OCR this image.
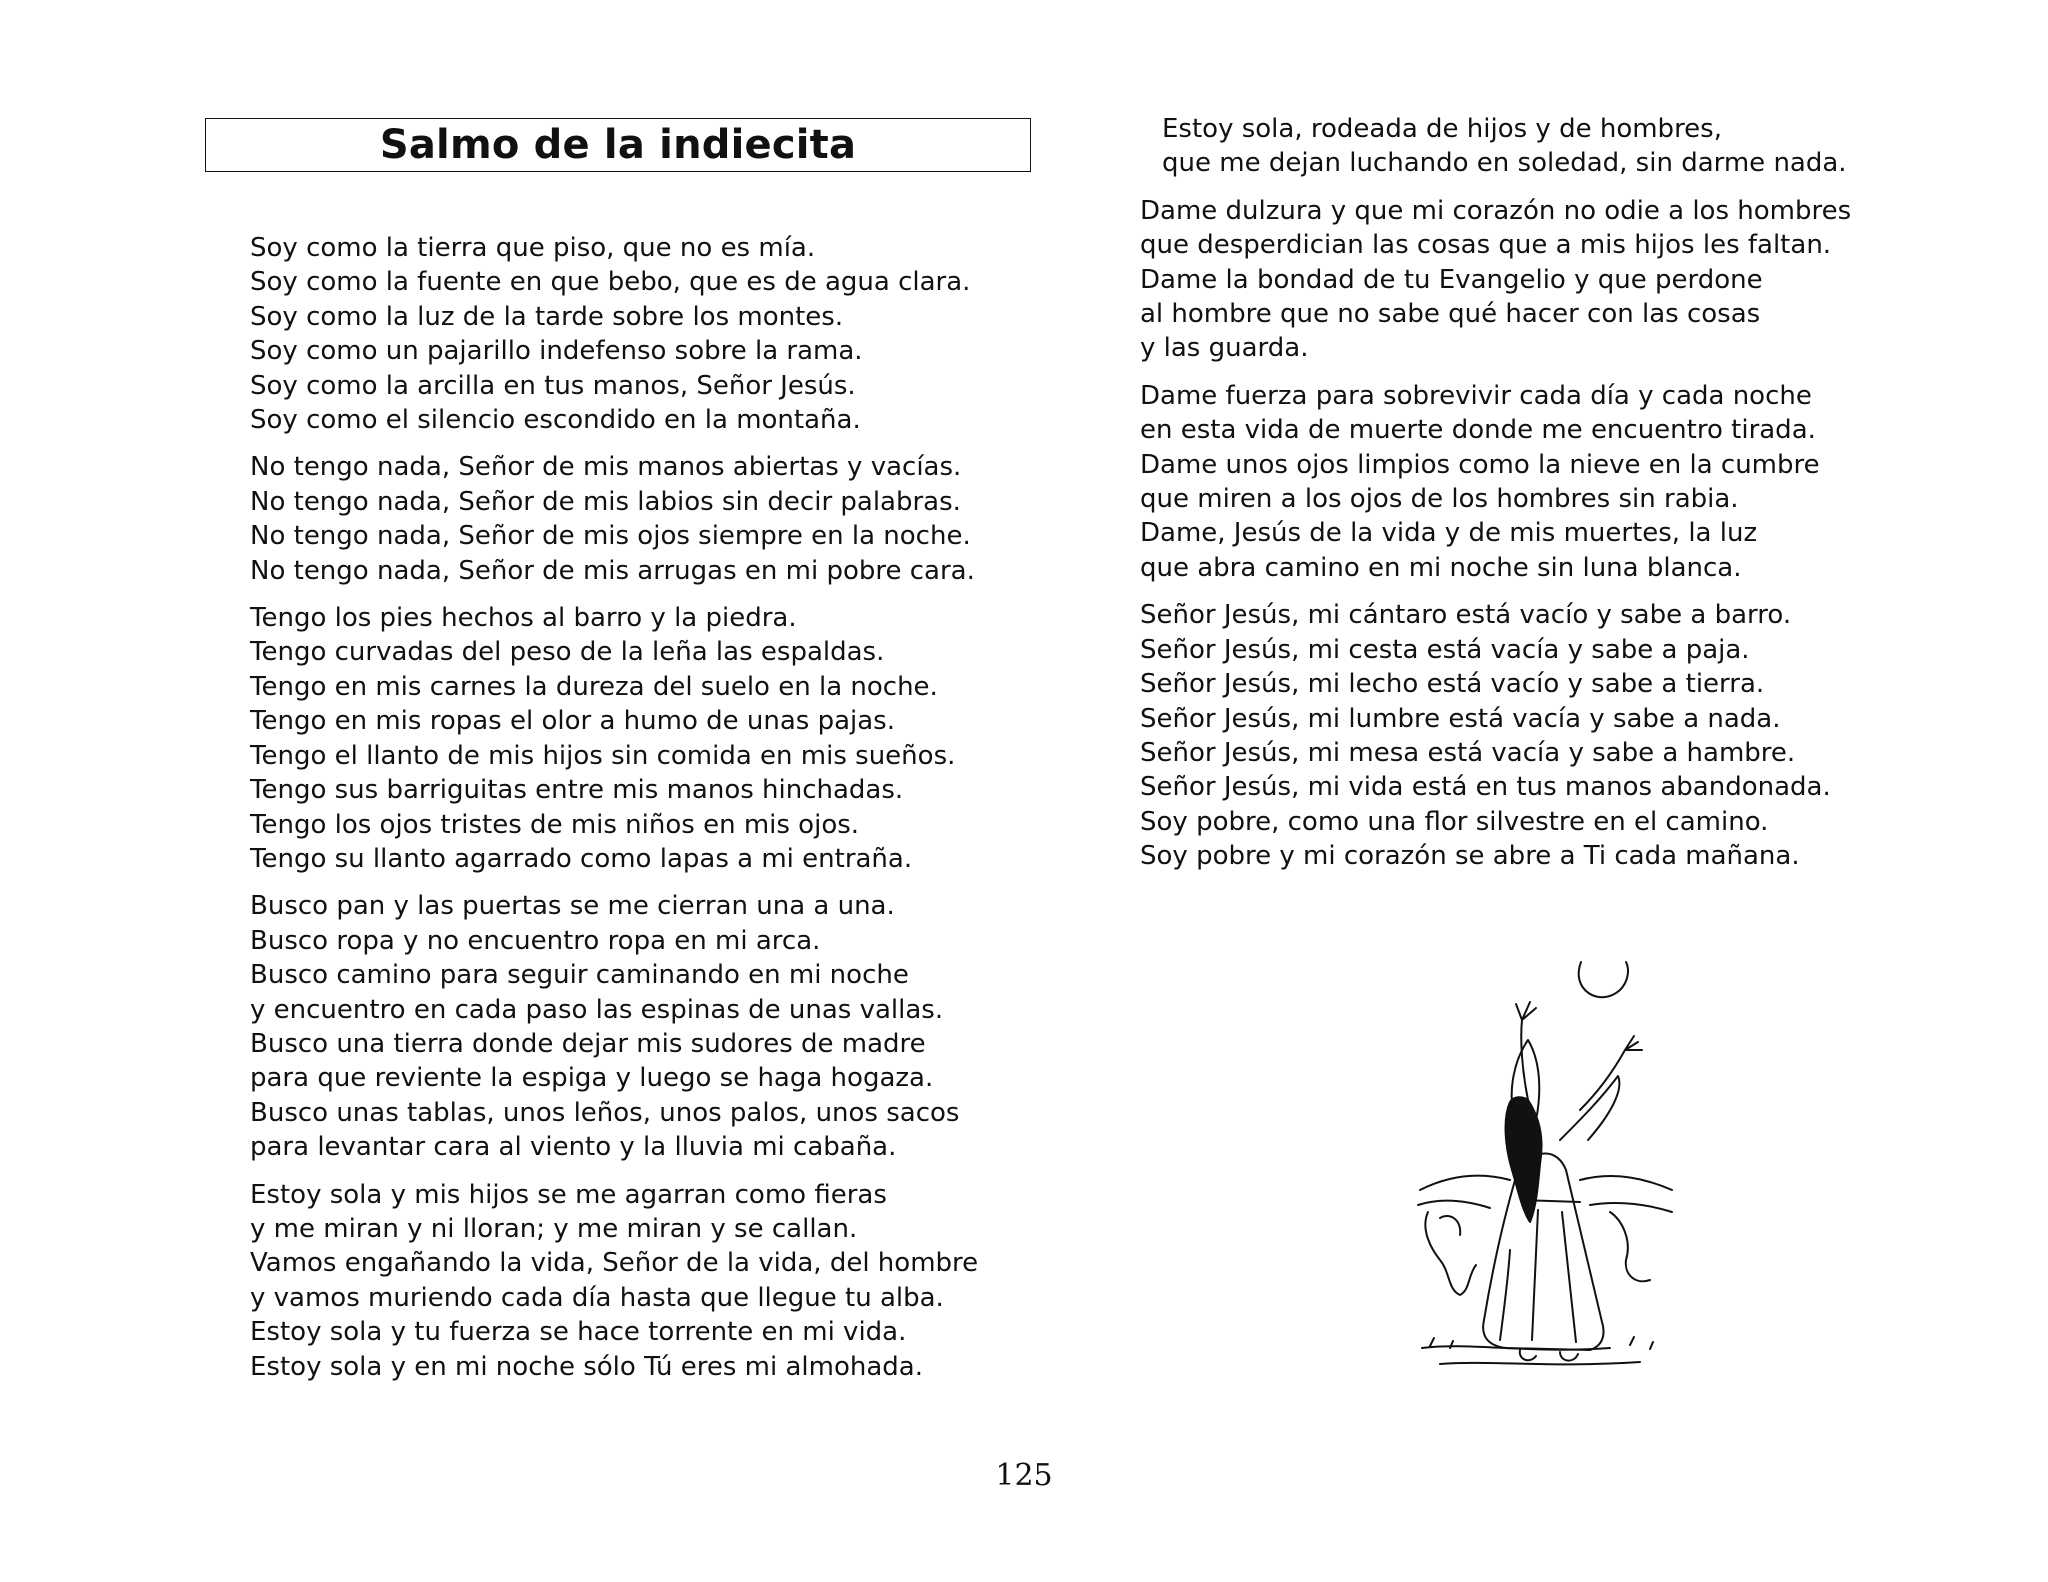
Salmo de la indiecita
Soy como la tierra que piso, que no es mía.
Soy como la fuente en que bebo, que es de agua clara.
Soy como la luz de la tarde sobre los montes.
Soy como un pajarillo indefenso sobre la rama.
Soy como la arcilla en tus manos, Señor Jesús.
Soy como el silencio escondido en la montaña.
No tengo nada, Señor de mis manos abiertas y vacías.
No tengo nada, Señor de mis labios sin decir palabras.
No tengo nada, Señor de mis ojos siempre en la noche.
No tengo nada, Señor de mis arrugas en mi pobre cara.
Tengo los pies hechos al barro y la piedra.
Tengo curvadas del peso de la leña las espaldas.
Tengo en mis carnes la dureza del suelo en la noche.
Tengo en mis ropas el olor a humo de unas pajas.
Tengo el llanto de mis hijos sin comida en mis sueños.
Tengo sus barriguitas entre mis manos hinchadas.
Tengo los ojos tristes de mis niños en mis ojos.
Tengo su llanto agarrado como lapas a mi entraña.
Busco pan y las puertas se me cierran una a una.
Busco ropa y no encuentro ropa en mi arca.
Busco camino para seguir caminando en mi noche
y encuentro en cada paso las espinas de unas vallas.
Busco una tierra donde dejar mis sudores de madre
para que reviente la espiga y luego se haga hogaza.
Busco unas tablas, unos leños, unos palos, unos sacos
para levantar cara al viento y la lluvia mi cabaña.
Estoy sola y mis hijos se me agarran como fieras
y me miran y ni lloran; y me miran y se callan.
Vamos engañando la vida, Señor de la vida, del hombre
y vamos muriendo cada día hasta que llegue tu alba.
Estoy sola y tu fuerza se hace torrente en mi vida.
Estoy sola y en mi noche sólo Tú eres mi almohada.
Estoy sola, rodeada de hijos y de hombres,
que me dejan luchando en soledad, sin darme nada.
Dame dulzura y que mi corazón no odie a los hombres
que desperdician las cosas que a mis hijos les faltan.
Dame la bondad de tu Evangelio y que perdone
al hombre que no sabe qué hacer con las cosas
y las guarda.
Dame fuerza para sobrevivir cada día y cada noche
en esta vida de muerte donde me encuentro tirada.
Dame unos ojos limpios como la nieve en la cumbre
que miren a los ojos de los hombres sin rabia.
Dame, Jesús de la vida y de mis muertes, la luz
que abra camino en mi noche sin luna blanca.
Señor Jesús, mi cántaro está vacío y sabe a barro.
Señor Jesús, mi cesta está vacía y sabe a paja.
Señor Jesús, mi lecho está vacío y sabe a tierra.
Señor Jesús, mi lumbre está vacía y sabe a nada.
Señor Jesús, mi mesa está vacía y sabe a hambre.
Señor Jesús, mi vida está en tus manos abandonada.
Soy pobre, como una flor silvestre en el camino.
Soy pobre y mi corazón se abre a Ti cada mañana.
125
